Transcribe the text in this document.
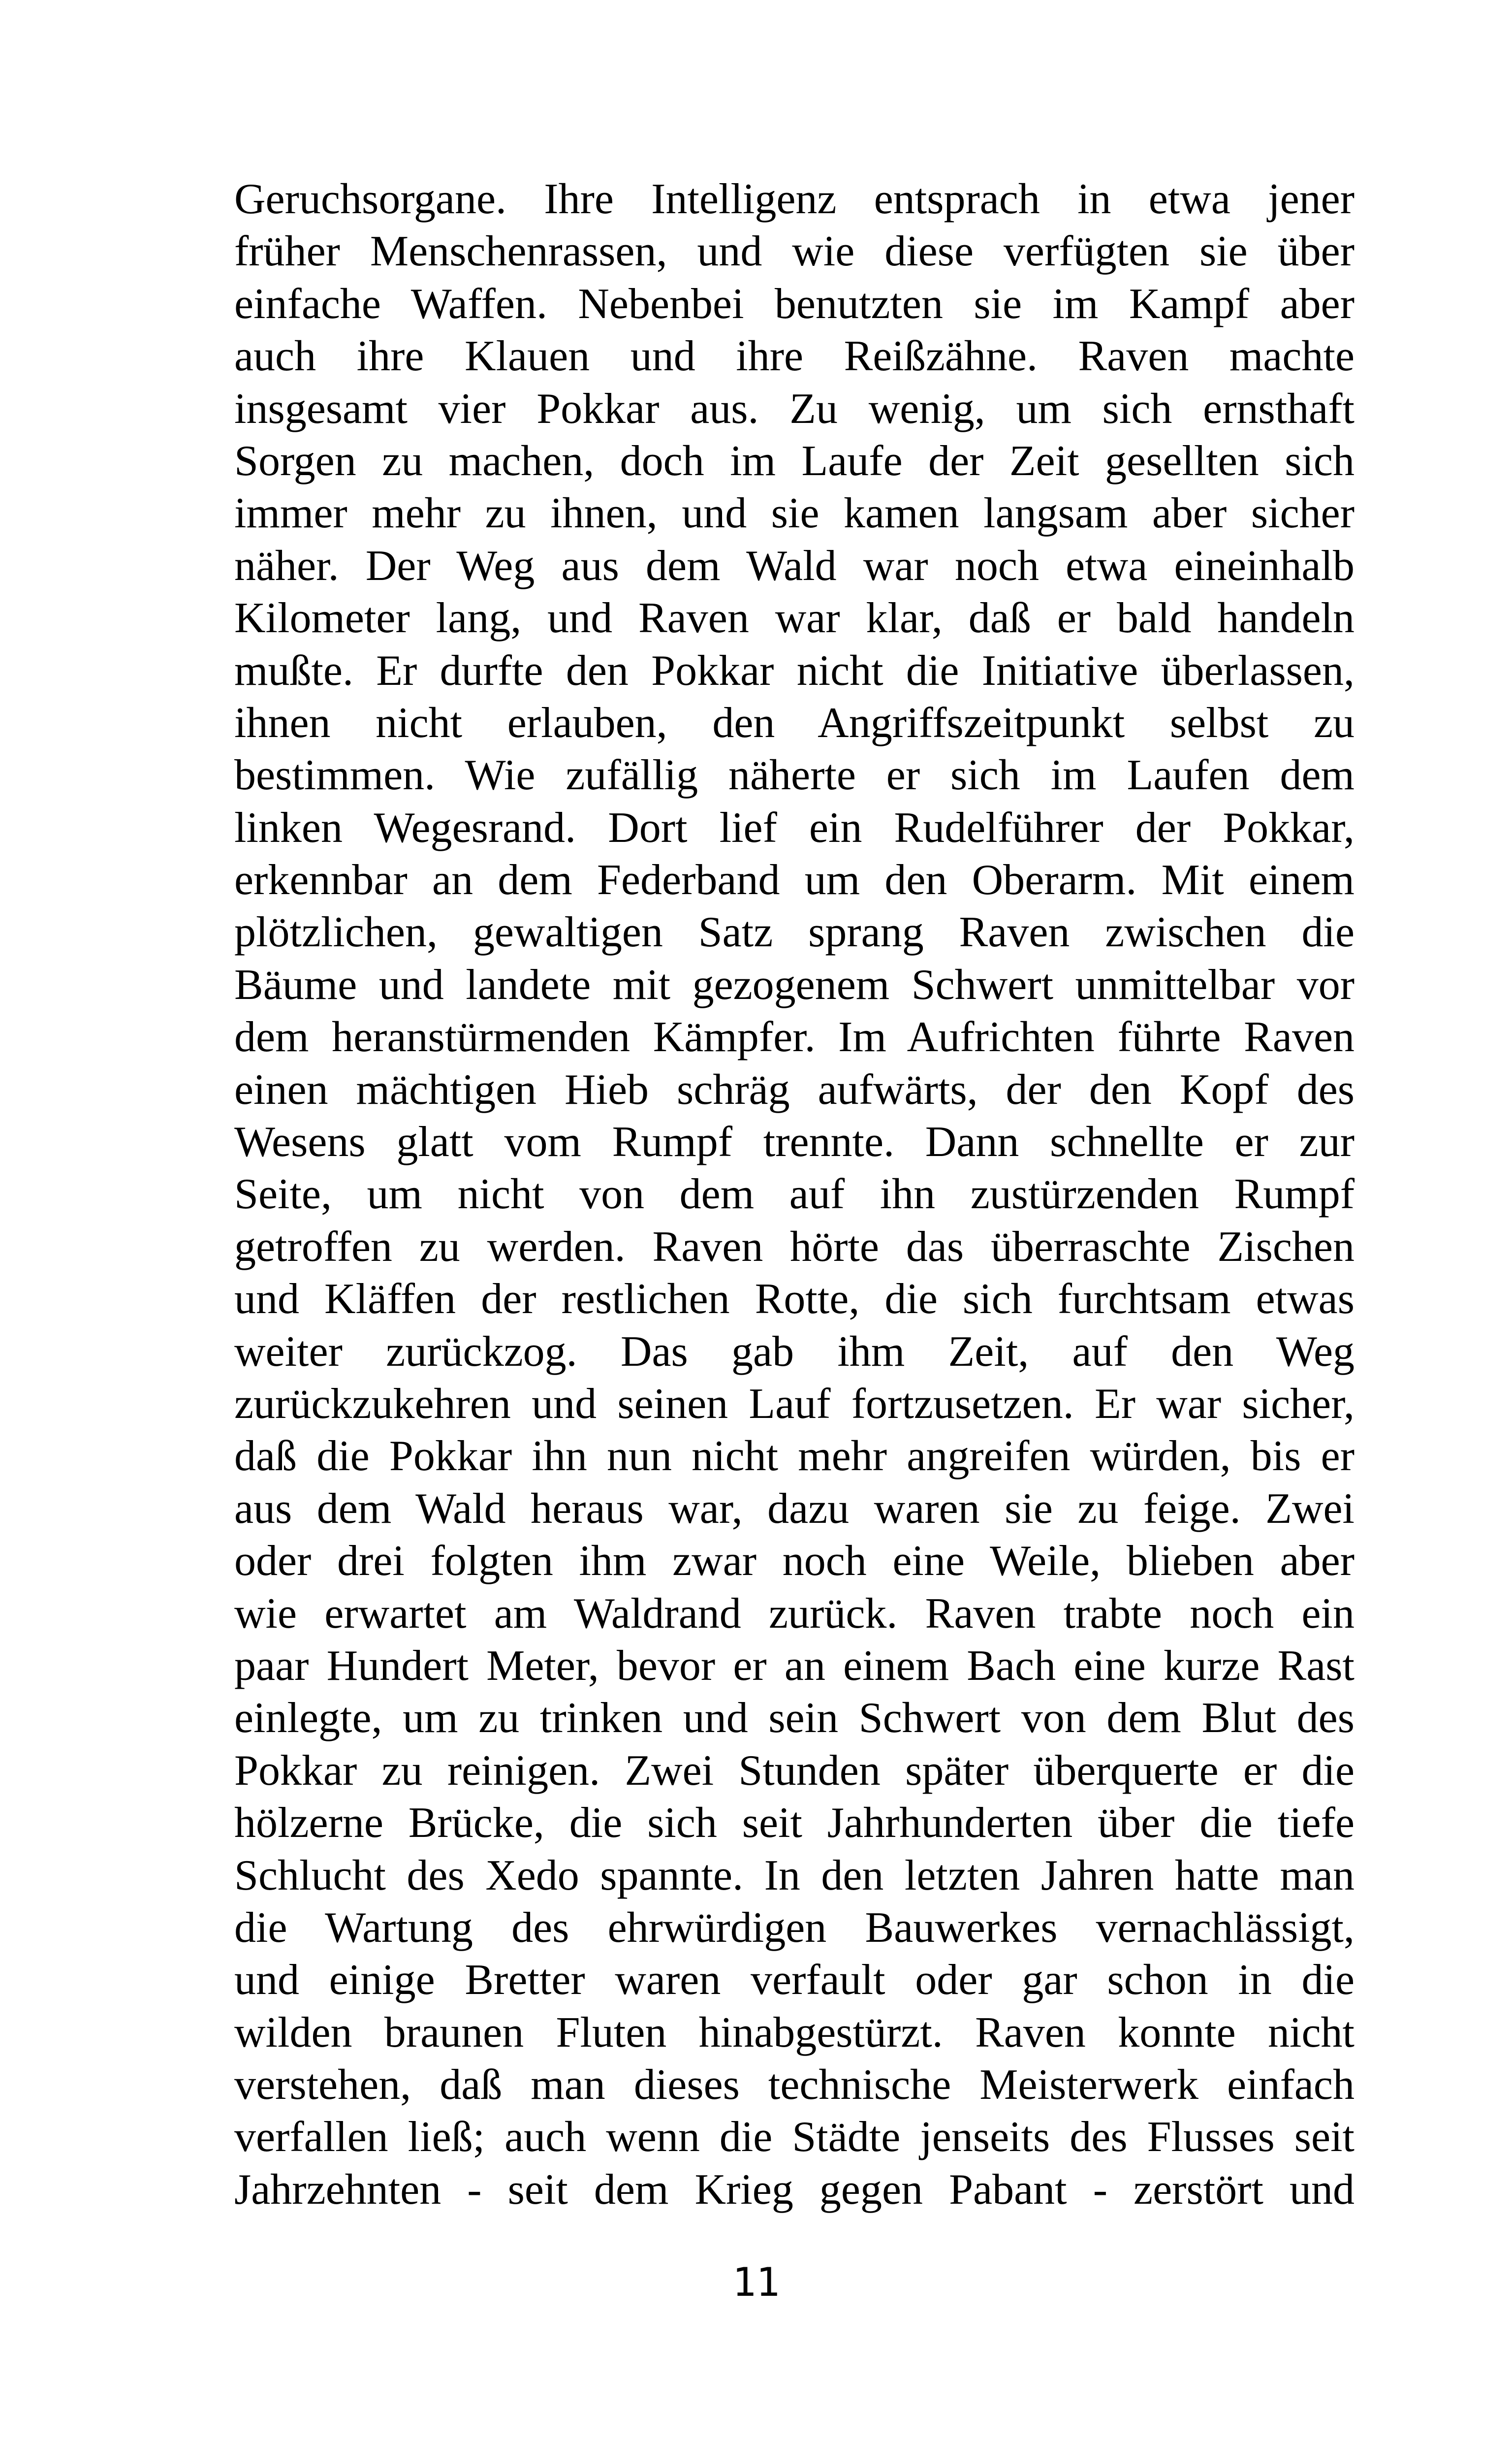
Geruchsorgane. Ihre Intelligenz entsprach in etwa jener
früher Menschenrassen, und wie diese verfügten sie über
einfache Waffen. Nebenbei benutzten sie im Kampf aber
auch ihre Klauen und ihre Reißzähne. Raven machte
insgesamt vier Pokkar aus. Zu wenig, um sich ernsthaft
Sorgen zu machen, doch im Laufe der Zeit gesellten sich
immer mehr zu ihnen, und sie kamen langsam aber sicher
näher. Der Weg aus dem Wald war noch etwa eineinhalb
Kilometer lang, und Raven war klar, daß er bald handeln
mußte. Er durfte den Pokkar nicht die Initiative überlassen,
ihnen nicht erlauben, den Angriffszeitpunkt selbst zu
bestimmen. Wie zufällig näherte er sich im Laufen dem
linken Wegesrand. Dort lief ein Rudelführer der Pokkar,
erkennbar an dem Federband um den Oberarm. Mit einem
plötzlichen, gewaltigen Satz sprang Raven zwischen die
Bäume und landete mit gezogenem Schwert unmittelbar vor
dem heranstürmenden Kämpfer. Im Aufrichten führte Raven
einen mächtigen Hieb schräg aufwärts, der den Kopf des
Wesens glatt vom Rumpf trennte. Dann schnellte er zur
Seite, um nicht von dem auf ihn zustürzenden Rumpf
getroffen zu werden. Raven hörte das überraschte Zischen
und Kläffen der restlichen Rotte, die sich furchtsam etwas
weiter zurückzog. Das gab ihm Zeit, auf den Weg
zurückzukehren und seinen Lauf fortzusetzen. Er war sicher,
daß die Pokkar ihn nun nicht mehr angreifen würden, bis er
aus dem Wald heraus war, dazu waren sie zu feige. Zwei
oder drei folgten ihm zwar noch eine Weile, blieben aber
wie erwartet am Waldrand zurück. Raven trabte noch ein
paar Hundert Meter, bevor er an einem Bach eine kurze Rast
einlegte, um zu trinken und sein Schwert von dem Blut des
Pokkar zu reinigen. Zwei Stunden später überquerte er die
hölzerne Brücke, die sich seit Jahrhunderten über die tiefe
Schlucht des Xedo spannte. In den letzten Jahren hatte man
die Wartung des ehrwürdigen Bauwerkes vernachlässigt,
und einige Bretter waren verfault oder gar schon in die
wilden braunen Fluten hinabgestürzt. Raven konnte nicht
verstehen, daß man dieses technische Meisterwerk einfach
verfallen ließ; auch wenn die Städte jenseits des Flusses seit
Jahrzehnten - seit dem Krieg gegen Pabant - zerstört und
11
